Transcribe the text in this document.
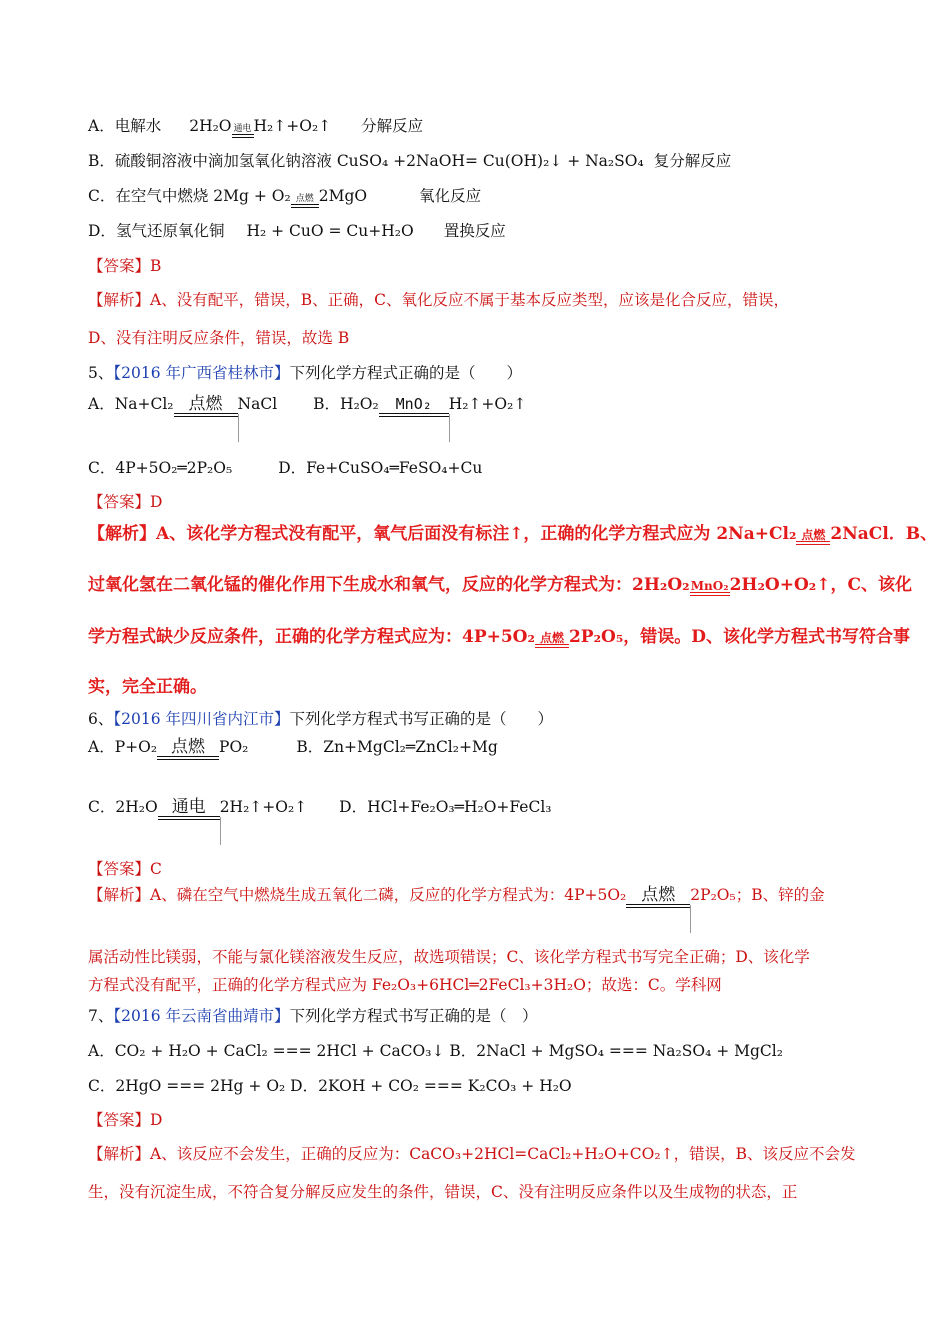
A．电解水 2H₂O 通电 H₂↑+O₂↑ 分解反应
B．硫酸铜溶液中滴加氢氧化钠溶液 CuSO₄ +2NaOH= Cu(OH)₂↓ + Na₂SO₄ 复分解反应
C．在空气中燃烧 2Mg + O₂ 点燃 2MgO	氧化反应
D．氢气还原氧化铜 H₂ + CuO = Cu+H₂O 置换反应
【答案】B
【解析】A、没有配平，错误，B、正确，C、氧化反应不属于基本反应类型，应该是化合反应，错误，
D、没有注明反应条件，错误，故选 B
5、【2016 年广西省桂林市】下列化学方程式正确的是（　　）
A．Na+Cl₂ 点燃 NaCl B．H₂O₂	MnO₂	H₂↑+O₂↑
C．4P+5O₂═2P₂O₅	D．Fe+CuSO₄═FeSO₄+Cu
【答案】D
【解析】A、该化学方程式没有配平，氧气后面没有标注↑，正确的化学方程式应为 2Na+Cl₂ 点燃 2NaCl．B、
过氧化氢在二氧化锰的催化作用下生成水和氧气，反应的化学方程式为：2H₂O₂ MnO₂ 2H₂O+O₂↑，C、该化
学方程式缺少反应条件，正确的化学方程式应为：4P+5O₂ 点燃 2P₂O₅，错误。D、该化学方程式书写符合事
实，完全正确。
6、【2016 年四川省内江市】下列化学方程式书写正确的是（　　）
A．P+O₂ 点燃 PO₂	B．Zn+MgCl₂═ZnCl₂+Mg
C．2H₂O 通电 2H₂↑+O₂↑ D．HCl+Fe₂O₃═H₂O+FeCl₃
【答案】C
【解析】A、磷在空气中燃烧生成五氧化二磷，反应的化学方程式为：4P+5O₂ 点燃 2P₂O₅；B、锌的金
属活动性比镁弱，不能与氯化镁溶液发生反应，故选项错误；C、该化学方程式书写完全正确；D、该化学
方程式没有配平，正确的化学方程式应为 Fe₂O₃+6HCl═2FeCl₃+3H₂O；故选：C。学科网
7、【2016 年云南省曲靖市】下列化学方程式书写正确的是（　）
A．CO₂ + H₂O + CaCl₂ === 2HCl + CaCO₃↓ B．2NaCl + MgSO₄ === Na₂SO₄ + MgCl₂
C．2HgO === 2Hg + O₂ D．2KOH + CO₂ === K₂CO₃ + H₂O
【答案】D
【解析】A、该反应不会发生，正确的反应为：CaCO₃+2HCl=CaCl₂+H₂O+CO₂↑，错误，B、该反应不会发
生，没有沉淀生成，不符合复分解反应发生的条件，错误，C、没有注明反应条件以及生成物的状态，正
